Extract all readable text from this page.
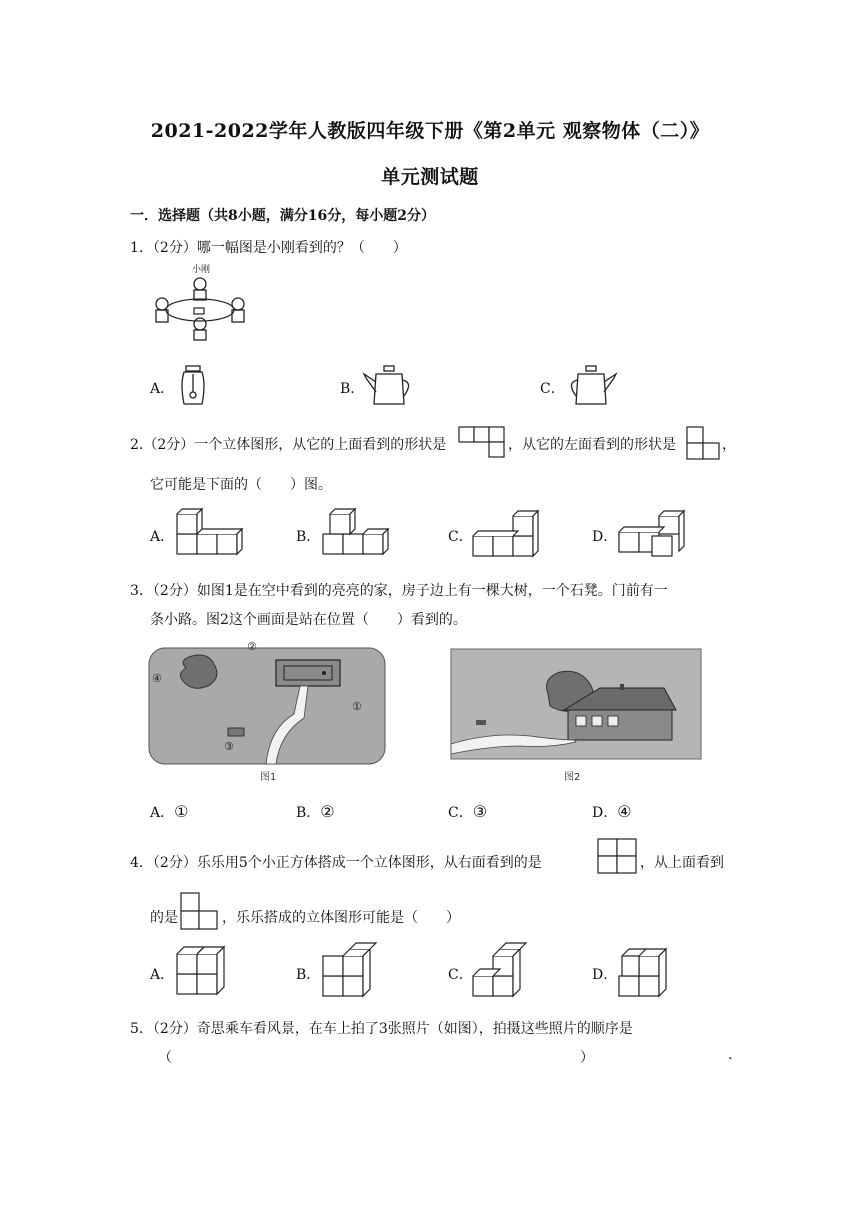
2021-2022学年人教版四年级下册《第2单元 观察物体（二）》
单元测试题
一．选择题（共8小题，满分16分，每小题2分）
1．（2分）哪一幅图是小刚看到的？（　　）
小刚
A．	B．	C．
2.（2分）一个立体图形，从它的上面看到的形状是	，从它的左面看到的形状是	，
它可能是下面的（　　）图。
A．	B．	C．	D．
3．（2分）如图1是在空中看到的亮亮的家，房子边上有一棵大树，一个石凳。门前有一
条小路。图2这个画面是站在位置（　　）看到的。
②
④
①
③
图1	图2
A．①	B．②	C．③	D．④
4．（2分）乐乐用5个小正方体搭成一个立体图形，从右面看到的是	，从上面看到
的是	，乐乐搭成的立体图形可能是（　　）
A．	B．	C．	D．
5．（2分）奇思乘车看风景，在车上拍了3张照片（如图），拍摄这些照片的顺序是
（	）	.
